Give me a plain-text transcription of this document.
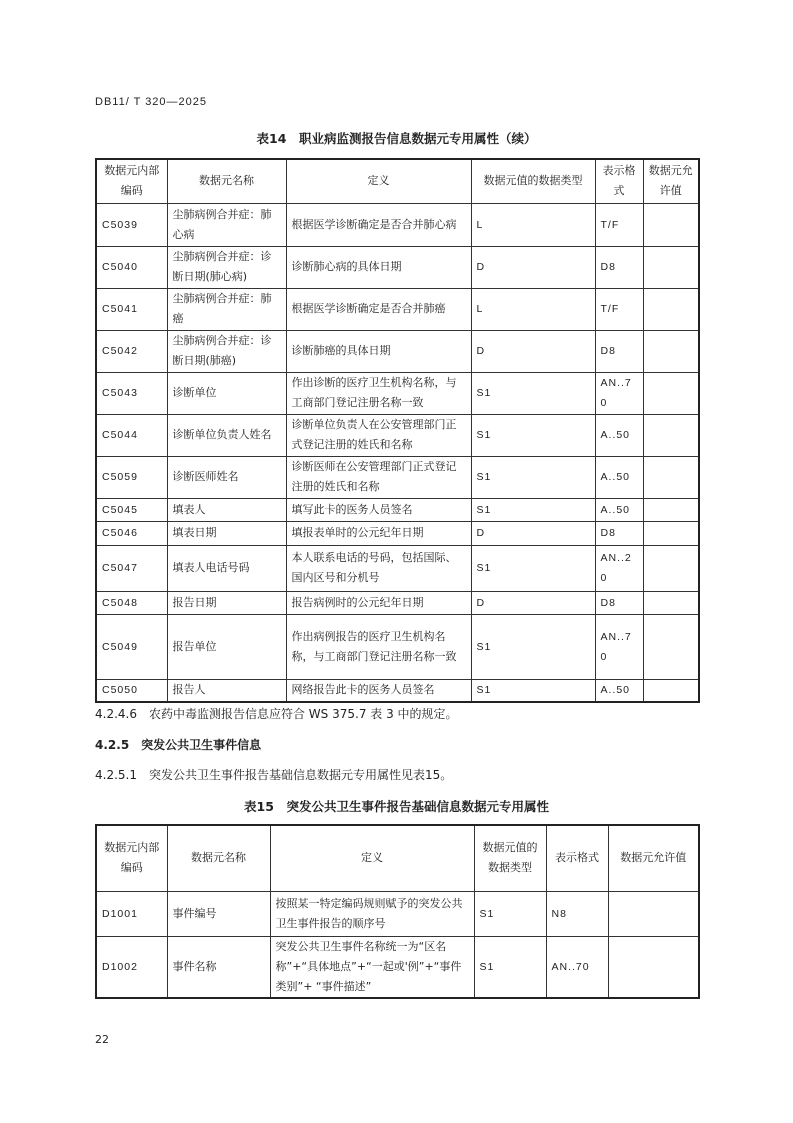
DB11/ T 320—2025
表14　职业病监测报告信息数据元专用属性（续）
数据元内部编码	数据元名称	定义	数据元值的数据类型	表示格式	数据元允许值
C5039	尘肺病例合并症：肺心病	根据医学诊断确定是否合并肺心病	L	T/F	
C5040	尘肺病例合并症：诊断日期(肺心病)	诊断肺心病的具体日期	D	D8	
C5041	尘肺病例合并症：肺癌	根据医学诊断确定是否合并肺癌	L	T/F	
C5042	尘肺病例合并症：诊断日期(肺癌)	诊断肺癌的具体日期	D	D8	
C5043	诊断单位	作出诊断的医疗卫生机构名称，与工商部门登记注册名称一致	S1	AN..70	
C5044	诊断单位负责人姓名	诊断单位负责人在公安管理部门正式登记注册的姓氏和名称	S1	A..50	
C5059	诊断医师姓名	诊断医师在公安管理部门正式登记注册的姓氏和名称	S1	A..50	
C5045	填表人	填写此卡的医务人员签名	S1	A..50	
C5046	填表日期	填报表单时的公元纪年日期	D	D8	
C5047	填表人电话号码	本人联系电话的号码，包括国际、国内区号和分机号	S1	AN..20	
C5048	报告日期	报告病例时的公元纪年日期	D	D8	
C5049	报告单位	作出病例报告的医疗卫生机构名称，与工商部门登记注册名称一致	S1	AN..70	
C5050	报告人	网络报告此卡的医务人员签名	S1	A..50	
4.2.4.6　农药中毒监测报告信息应符合 WS 375.7 表 3 中的规定。
4.2.5　突发公共卫生事件信息
4.2.5.1　突发公共卫生事件报告基础信息数据元专用属性见表15。
表15　突发公共卫生事件报告基础信息数据元专用属性
数据元内部编码	数据元名称	定义	数据元值的数据类型	表示格式	数据元允许值
D1001	事件编号	按照某一特定编码规则赋予的突发公共卫生事件报告的顺序号	S1	N8	
D1002	事件名称	突发公共卫生事件名称统一为“区名称”+“具体地点”+“一起或'例”+“事件类别”+ “事件描述”	S1	AN..70	
22
